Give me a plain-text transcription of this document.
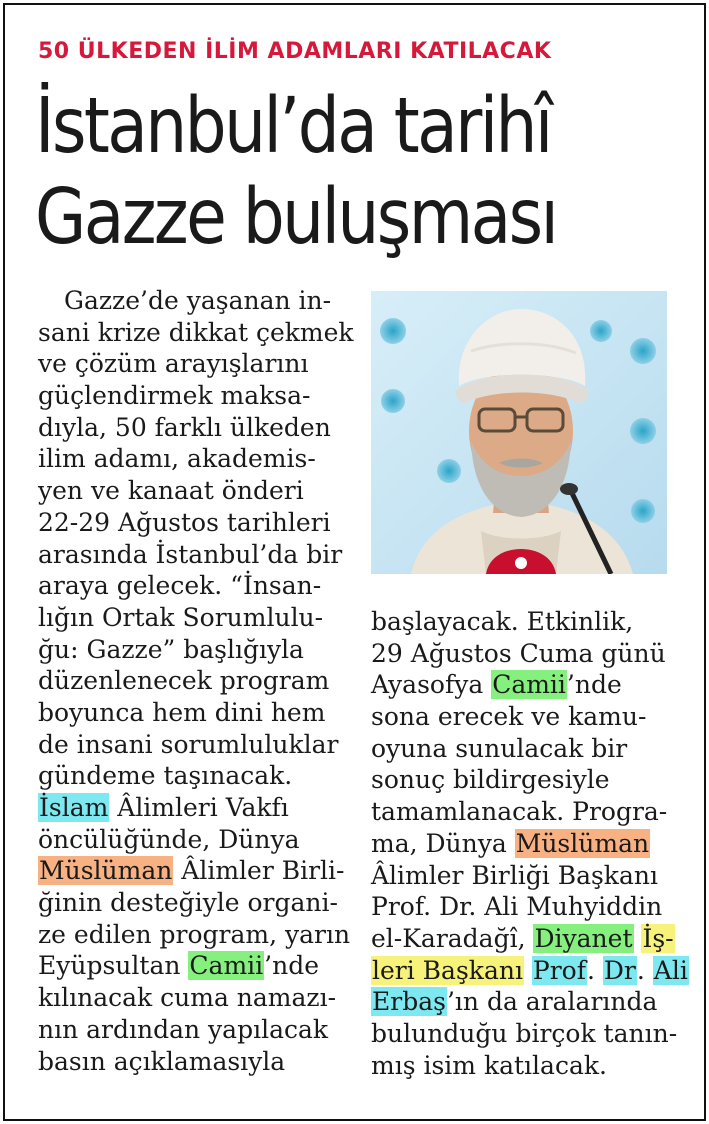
50 ÜLKEDEN İLİM ADAMLARI KATILACAK
İstanbul’da tarihî
Gazze buluşması
Gazze’de yaşanan in-
sani krize dikkat çekmek
ve çözüm arayışlarını
güçlendirmek maksa-
dıyla, 50 farklı ülkeden
ilim adamı, akademis-
yen ve kanaat önderi
22-29 Ağustos tarihleri
arasında İstanbul’da bir
araya gelecek. “İnsan-
lığın Ortak Sorumlulu-
ğu: Gazze” başlığıyla
düzenlenecek program
boyunca hem dini hem
de insani sorumluluklar
gündeme taşınacak.
İslam Âlimleri Vakfı
öncülüğünde, Dünya
Müslüman Âlimler Birli-
ğinin desteğiyle organi-
ze edilen program, yarın
Eyüpsultan Camii’nde
kılınacak cuma namazı-
nın ardından yapılacak
basın açıklamasıyla
başlayacak. Etkinlik,
29 Ağustos Cuma günü
Ayasofya Camii’nde
sona erecek ve kamu-
oyuna sunulacak bir
sonuç bildirgesiyle
tamamlanacak. Progra-
ma, Dünya Müslüman
Âlimler Birliği Başkanı
Prof. Dr. Ali Muhyiddin
el-Karadağî, Diyanet İş-
leri Başkanı Prof. Dr. Ali
Erbaş’ın da aralarında
bulunduğu birçok tanın-
mış isim katılacak.
